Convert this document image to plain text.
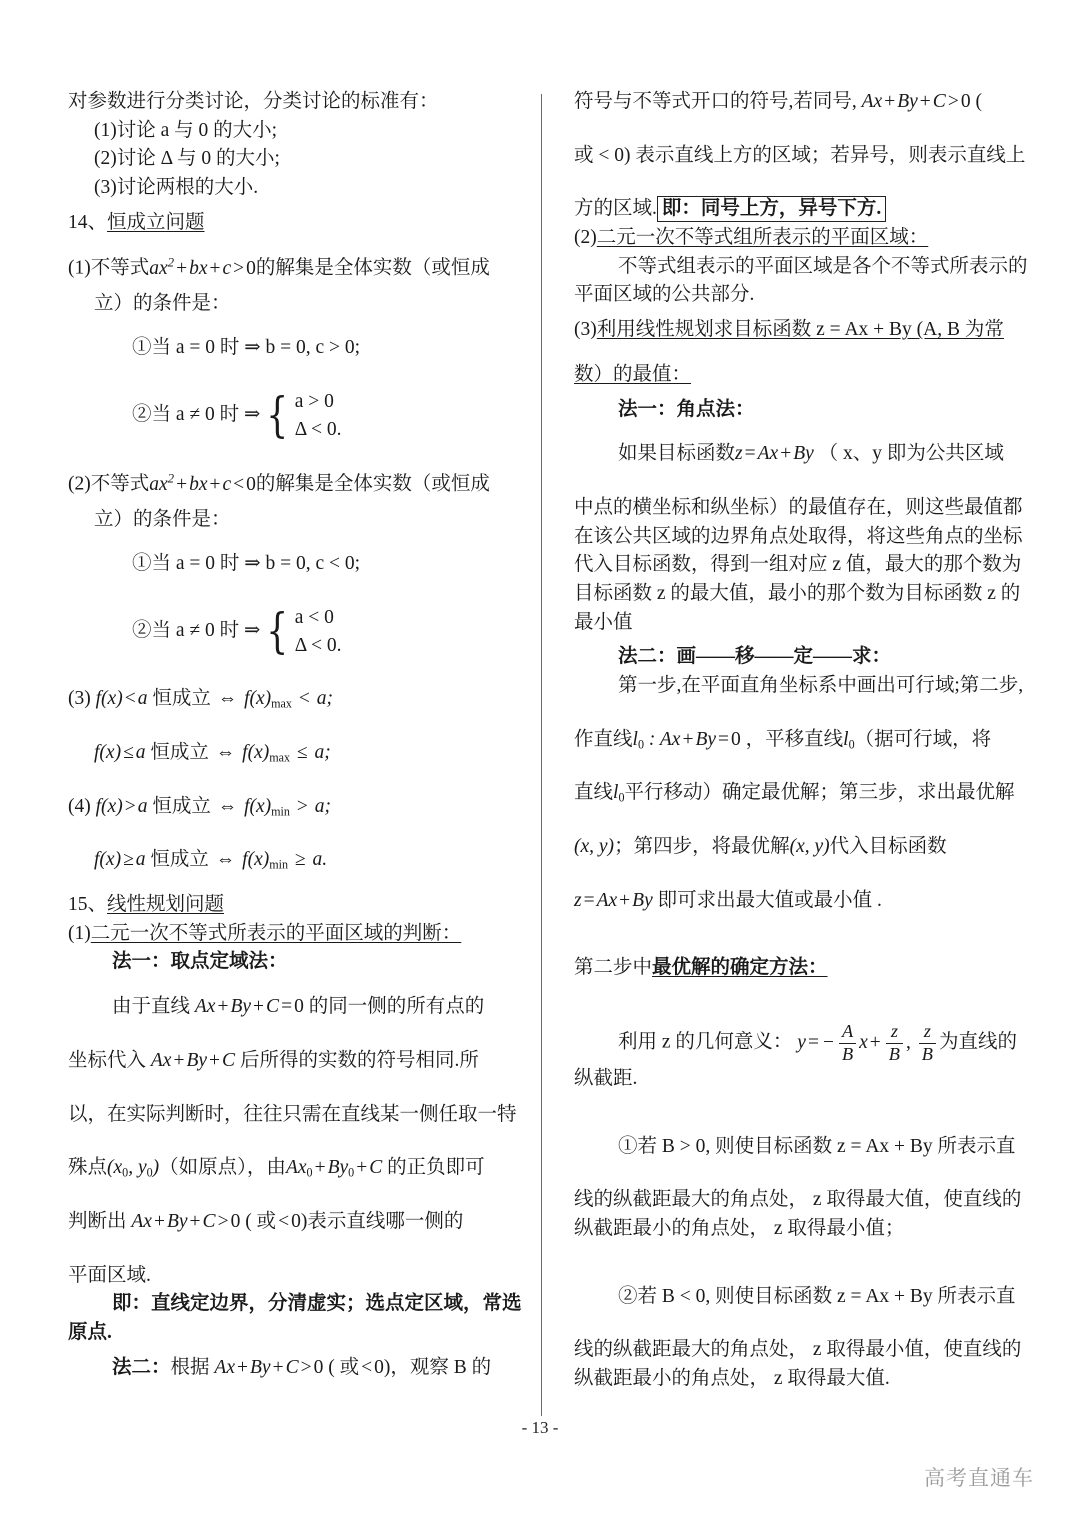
对参数进行分类讨论，分类讨论的标准有：

(1)讨论 a 与 0 的大小;

(2)讨论 Δ 与 0 的大小;

(3)讨论两根的大小.

14、恒成立问题

(1)不等式$ax^2$ + bx + c > 0的解集是全体实数（或恒成

立）的条件是：

①当 a = 0 时 ⇒ b = 0, c > 0;

②当 a ≠ 0 时 ⇒ { a > 0
Δ < 0.

(2)不等式$ax^2$ + bx + c < 0的解集是全体实数（或恒成

立）的条件是：

①当 a = 0 时 ⇒ b = 0, c < 0;

②当 a ≠ 0 时 ⇒ { a < 0
Δ < 0.

(3) f(x) < a 恒成立 ⇔ $f(x)_{max} < a$;

f(x) ≤ a 恒成立 ⇔ $f(x)_{max} \le a$;

(4) f(x) > a 恒成立 ⇔ $f(x)_{min} > a$;

f(x) ≥ a 恒成立 ⇔ $f(x)_{min} \ge a$.

15、线性规划问题

(1)二元一次不等式所表示的平面区域的判断：

法一：取点定域法：

由于直线 Ax + By + C = 0 的同一侧的所有点的

坐标代入 Ax + By + C 后所得的实数的符号相同.所

以，在实际判断时，往往只需在直线某一侧任取一特

殊点($x_0$, $y_0$)（如原点），由$Ax_0 + By_0 + C$ 的正负即可

判断出 Ax + By + C > 0 ( 或 < 0)表示直线哪一侧的

平面区域.

即：直线定边界，分清虚实；选点定区域，常选

原点.

法二：根据 Ax + By + C > 0 ( 或 < 0)，观察 B 的

符号与不等式开口的符号,若同号, Ax + By + C > 0 (

或 < 0) 表示直线上方的区域；若异号，则表示直线上

方的区域. 即：同号上方，异号下方.

(2)二元一次不等式组所表示的平面区域：

不等式组表示的平面区域是各个不等式所表示的

平面区域的公共部分.

(3)利用线性规划求目标函数 z = Ax + By (A, B 为常

数）的最值：

法一：角点法：

如果目标函数z = Ax + By （ x、y 即为公共区域

中点的横坐标和纵坐标）的最值存在，则这些最值都

在该公共区域的边界角点处取得，将这些角点的坐标

代入目标函数，得到一组对应 z 值，最大的那个数为

目标函数 z 的最大值，最小的那个数为目标函数 z 的

最小值

法二：画——移——定——求：

第一步,在平面直角坐标系中画出可行域;第二步,

作直线$l_0$ : Ax + By = 0 ，平移直线$l_0$（据可行域，将

直线$l_0$平行移动）确定最优解；第三步，求出最优解

(x, y)；第四步，将最优解(x, y)代入目标函数

z = Ax + By 即可求出最大值或最小值 .

第二步中最优解的确定方法：

利用 z 的几何意义： y = − $\frac{A}{B}$ $x + \frac{z}{B}$ , $\frac{z}{B}$ 为直线的

纵截距.

①若 B > 0, 则使目标函数 z = Ax + By 所表示直

线的纵截距最大的角点处， z 取得最大值，使直线的

纵截距最小的角点处， z 取得最小值；

②若 B < 0, 则使目标函数 z = Ax + By 所表示直

线的纵截距最大的角点处， z 取得最小值，使直线的

纵截距最小的角点处， z 取得最大值.

- 13 -
高考直通车
